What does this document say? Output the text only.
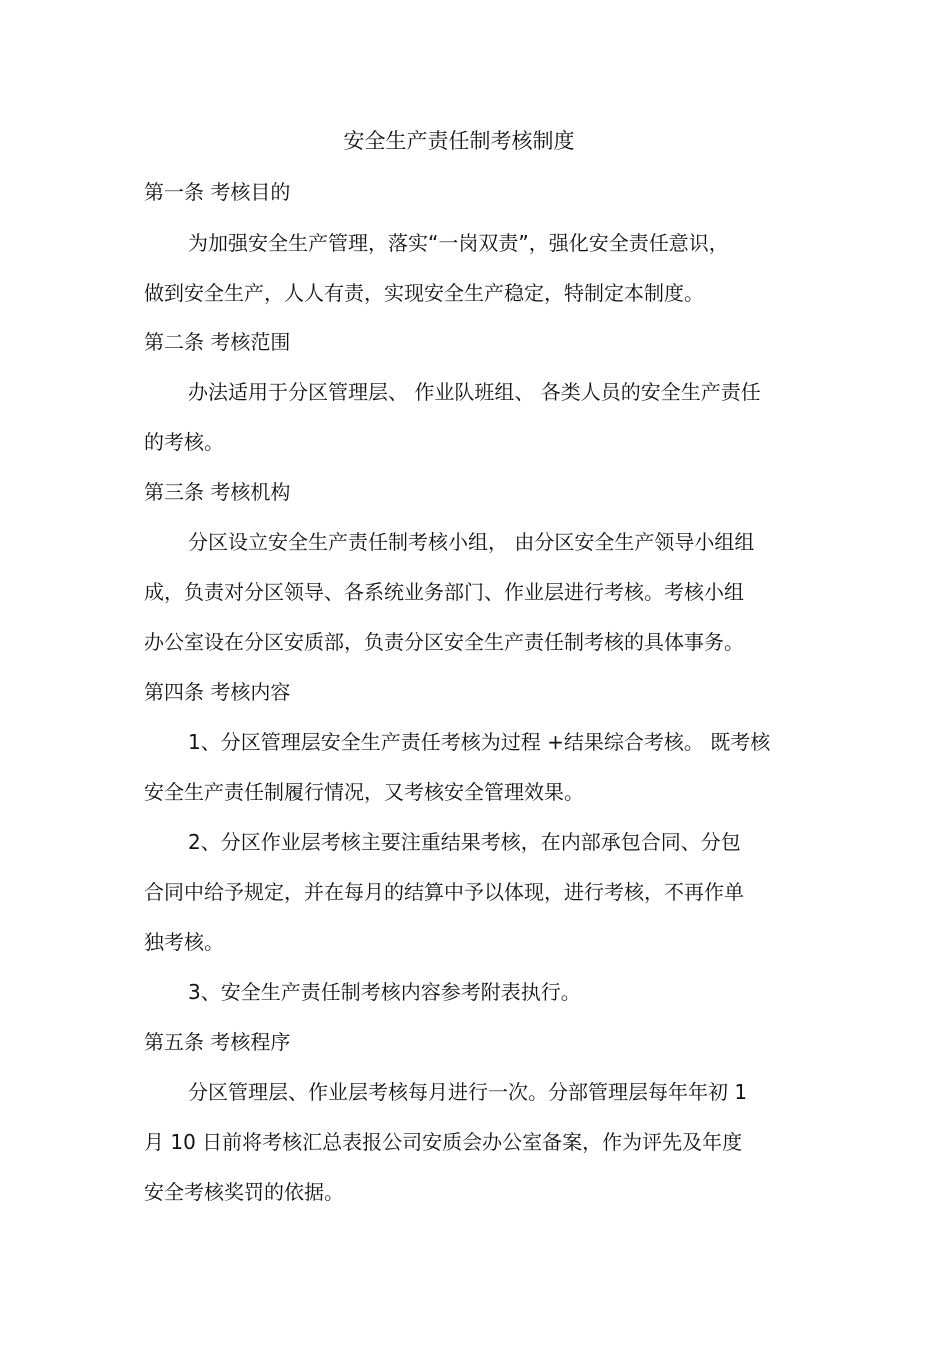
安全生产责任制考核制度

第一条 考核目的

为加强安全生产管理，落实“一岗双责”，强化安全责任意识，

做到安全生产，人人有责，实现安全生产稳定，特制定本制度。

第二条 考核范围

办法适用于分区管理层、 作业队班组、 各类人员的安全生产责任

的考核。

第三条 考核机构

分区设立安全生产责任制考核小组， 由分区安全生产领导小组组

成，负责对分区领导、各系统业务部门、作业层进行考核。考核小组

办公室设在分区安质部，负责分区安全生产责任制考核的具体事务。

第四条 考核内容

1、分区管理层安全生产责任考核为过程 +结果综合考核。 既考核

安全生产责任制履行情况，又考核安全管理效果。

2、分区作业层考核主要注重结果考核，在内部承包合同、分包

合同中给予规定，并在每月的结算中予以体现，进行考核，不再作单

独考核。

3、安全生产责任制考核内容参考附表执行。

第五条 考核程序

分区管理层、作业层考核每月进行一次。分部管理层每年年初 1

月 10 日前将考核汇总表报公司安质会办公室备案，作为评先及年度

安全考核奖罚的依据。
